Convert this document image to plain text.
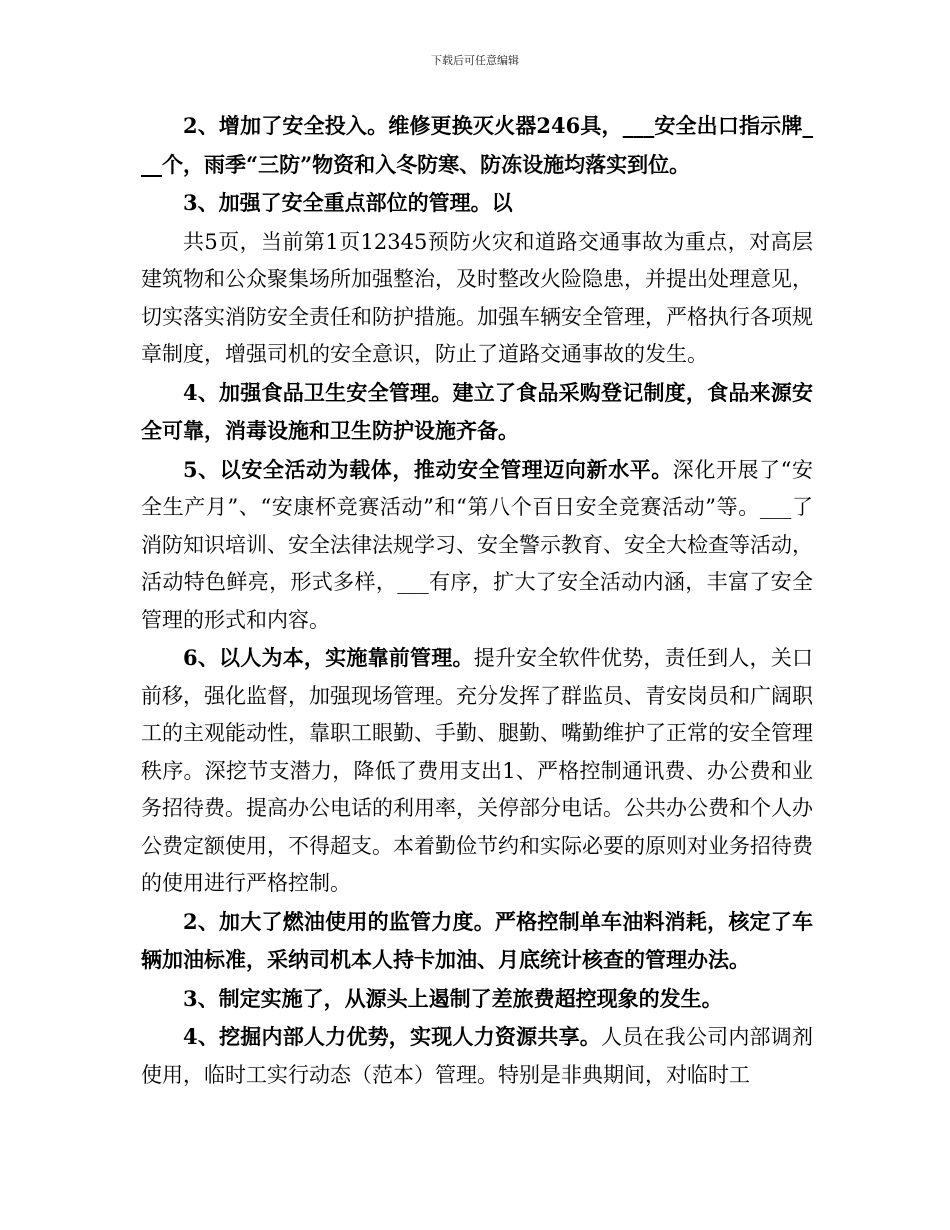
下载后可任意编辑

2、增加了安全投入。维修更换灭火器246具，___安全出口指示牌___个，雨季“三防”物资和入冬防寒、防冻设施均落实到位。

3、加强了安全重点部位的管理。以

共5页，当前第1页12345预防火灾和道路交通事故为重点，对高层建筑物和公众聚集场所加强整治，及时整改火险隐患，并提出处理意见，切实落实消防安全责任和防护措施。加强车辆安全管理，严格执行各项规章制度，增强司机的安全意识，防止了道路交通事故的发生。

4、加强食品卫生安全管理。建立了食品采购登记制度，食品来源安全可靠，消毒设施和卫生防护设施齐备。

5、以安全活动为载体，推动安全管理迈向新水平。深化开展了“安全生产月”、“安康杯竞赛活动”和“第八个百日安全竞赛活动”等。___了消防知识培训、安全法律法规学习、安全警示教育、安全大检查等活动，活动特色鲜亮，形式多样，___有序，扩大了安全活动内涵，丰富了安全管理的形式和内容。

6、以人为本，实施靠前管理。提升安全软件优势，责任到人，关口前移，强化监督，加强现场管理。充分发挥了群监员、青安岗员和广阔职工的主观能动性，靠职工眼勤、手勤、腿勤、嘴勤维护了正常的安全管理秩序。深挖节支潜力，降低了费用支出1、严格控制通讯费、办公费和业务招待费。提高办公电话的利用率，关停部分电话。公共办公费和个人办公费定额使用，不得超支。本着勤俭节约和实际必要的原则对业务招待费的使用进行严格控制。

2、加大了燃油使用的监管力度。严格控制单车油料消耗，核定了车辆加油标准，采纳司机本人持卡加油、月底统计核查的管理办法。

3、制定实施了，从源头上遏制了差旅费超控现象的发生。

4、挖掘内部人力优势，实现人力资源共享。人员在我公司内部调剂使用，临时工实行动态（范本）管理。特别是非典期间，对临时工
